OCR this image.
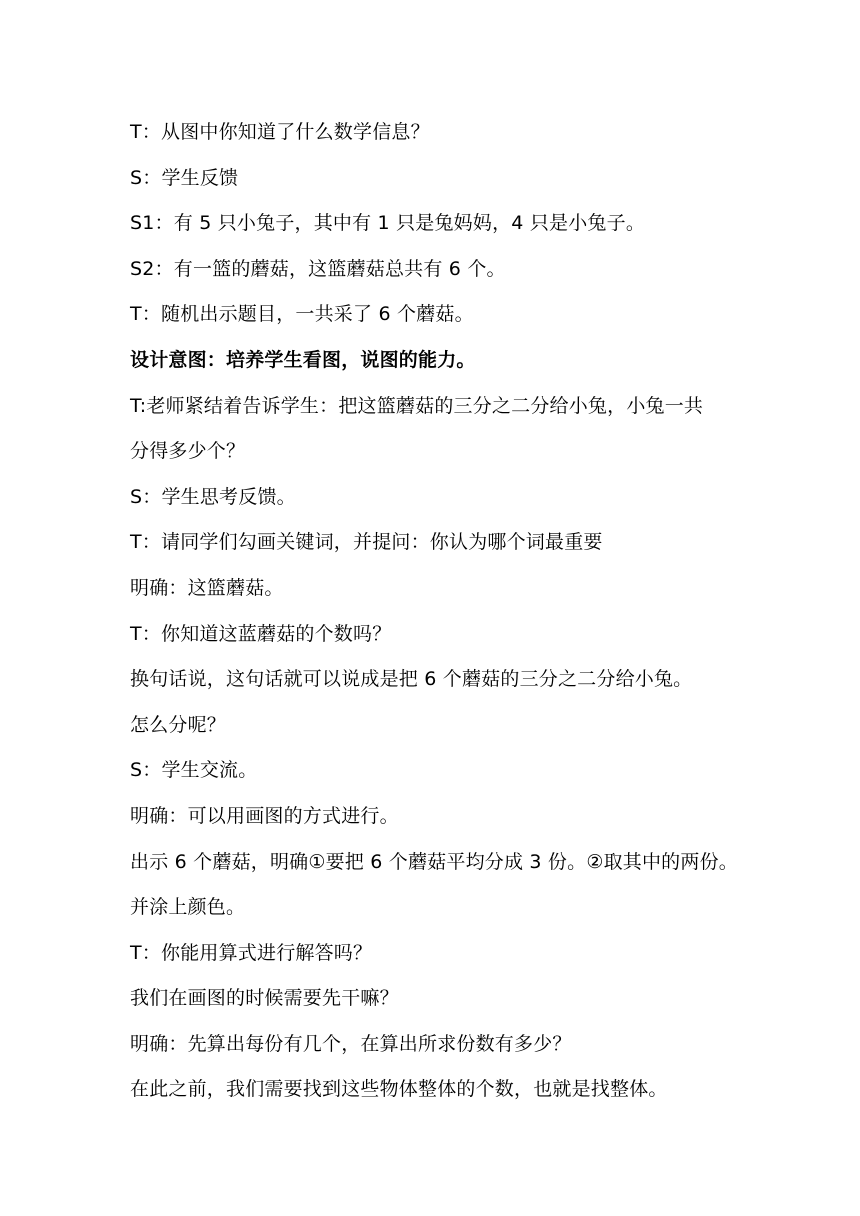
T：从图中你知道了什么数学信息？
S：学生反馈
S1：有 5 只小兔子，其中有 1 只是兔妈妈，4 只是小兔子。
S2：有一篮的蘑菇，这篮蘑菇总共有 6 个。
T：随机出示题目，一共采了 6 个蘑菇。
设计意图：培养学生看图，说图的能力。
T:老师紧结着告诉学生：把这篮蘑菇的三分之二分给小兔，小兔一共
分得多少个？
S：学生思考反馈。
T：请同学们勾画关键词，并提问：你认为哪个词最重要
明确：这篮蘑菇。
T：你知道这蓝蘑菇的个数吗？
换句话说，这句话就可以说成是把 6 个蘑菇的三分之二分给小兔。
怎么分呢？
S：学生交流。
明确：可以用画图的方式进行。
出示 6 个蘑菇，明确①要把 6 个蘑菇平均分成 3 份。②取其中的两份。
并涂上颜色。
T：你能用算式进行解答吗？
我们在画图的时候需要先干嘛？
明确：先算出每份有几个，在算出所求份数有多少？
在此之前，我们需要找到这些物体整体的个数，也就是找整体。
